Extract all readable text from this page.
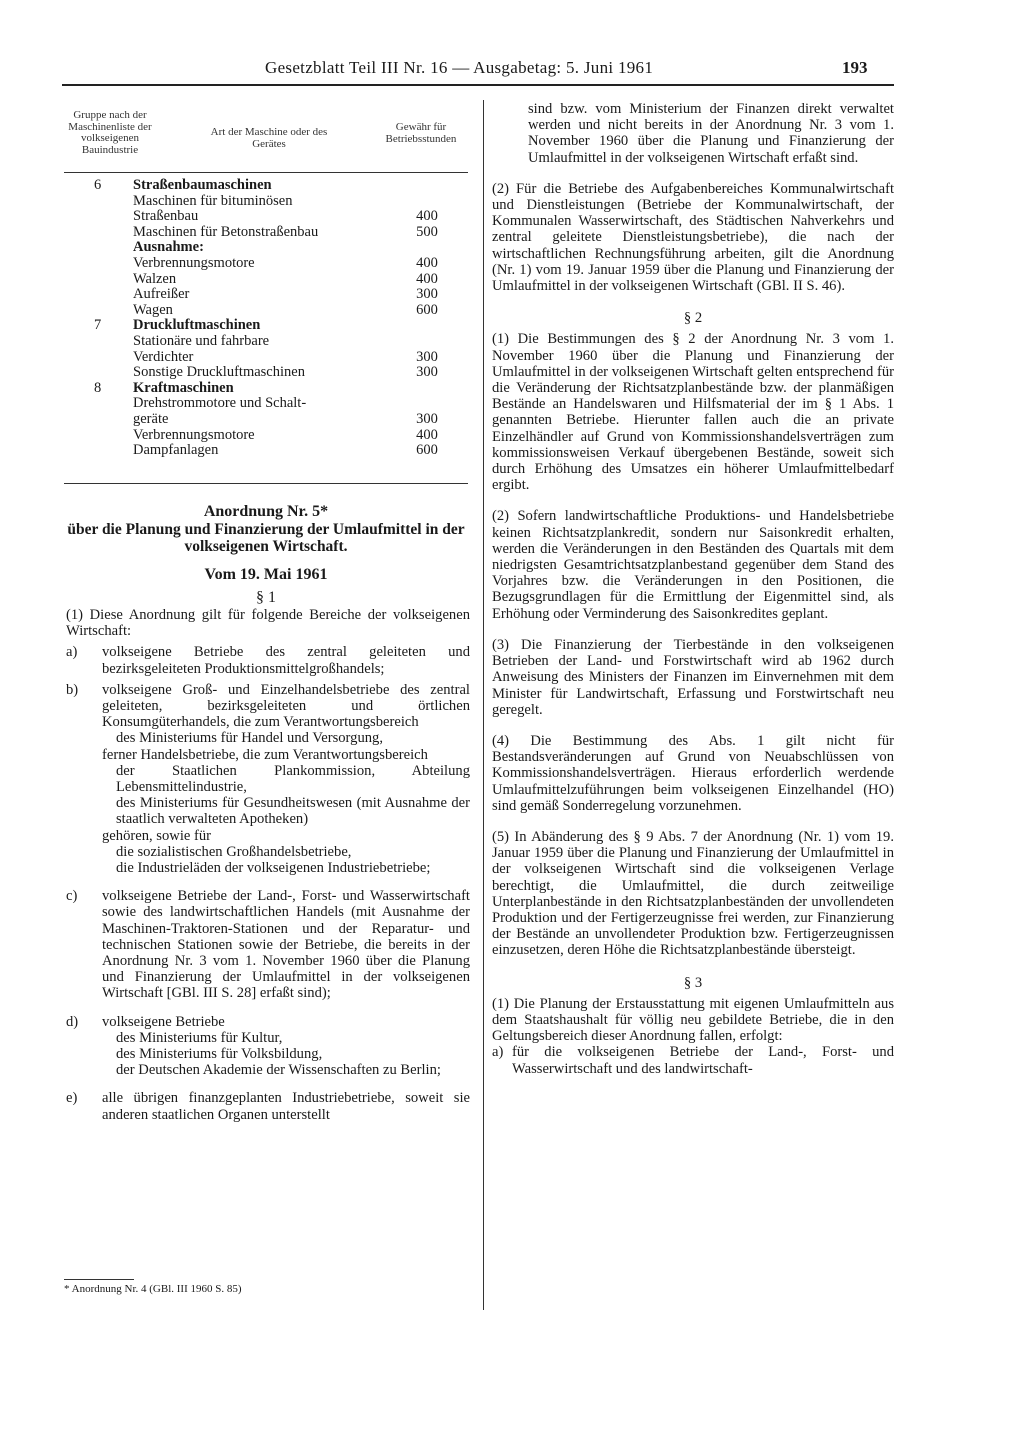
Gesetzblatt Teil III Nr. 16 — Ausgabetag: 5. Juni 1961	193
Gruppe nach der Maschinenliste der volkseigenen Bauindustrie
Art der Maschine oder des Gerätes
Gewähr für Betriebsstunden
6 Straßenbaumaschinen
Maschinen für bituminösen
Straßenbau	400
Maschinen für Betonstraßenbau	500
Ausnahme:
Verbrennungsmotore	400
Walzen	400
Aufreißer	300
Wagen	600
7 Druckluftmaschinen
Stationäre und fahrbare
Verdichter	300
Sonstige Druckluftmaschinen	300
8 Kraftmaschinen
Drehstrommotore und Schalt-
geräte	300
Verbrennungsmotore	400
Dampfanlagen	600
Anordnung Nr. 5*
über die Planung und Finanzierung der Umlaufmittel in der volkseigenen Wirtschaft.
Vom 19. Mai 1961
§ 1

(1) Diese Anordnung gilt für folgende Bereiche der volkseigenen Wirtschaft:

a) volkseigene Betriebe des zentral geleiteten und bezirksgeleiteten Produktionsmittelgroßhandels;
b) volkseigene Groß- und Einzelhandelsbetriebe des zentral geleiteten, bezirksgeleiteten und örtlichen Konsumgüterhandels, die zum Verantwortungsbereich
des Ministeriums für Handel und Versorgung,
ferner Handelsbetriebe, die zum Verantwortungsbereich
der Staatlichen Plankommission, Abteilung Lebensmittelindustrie,
des Ministeriums für Gesundheitswesen (mit Ausnahme der staatlich verwalteten Apotheken)
gehören, sowie für
die sozialistischen Großhandelsbetriebe,
die Industrieläden der volkseigenen Industriebetriebe;
c) volkseigene Betriebe der Land-, Forst- und Wasserwirtschaft sowie des landwirtschaftlichen Handels (mit Ausnahme der Maschinen-Traktoren-Stationen und der Reparatur- und technischen Stationen sowie der Betriebe, die bereits in der Anordnung Nr. 3 vom 1. November 1960 über die Planung und Finanzierung der Umlaufmittel in der volkseigenen Wirtschaft [GBl. III S. 28] erfaßt sind);
d) volkseigene Betriebe
des Ministeriums für Kultur,
des Ministeriums für Volksbildung,
der Deutschen Akademie der Wissenschaften zu Berlin;
e) alle übrigen finanzgeplanten Industriebetriebe, soweit sie anderen staatlichen Organen unterstellt
* Anordnung Nr. 4 (GBl. III 1960 S. 85)

sind bzw. vom Ministerium der Finanzen direkt verwaltet werden und nicht bereits in der Anordnung Nr. 3 vom 1. November 1960 über die Planung und Finanzierung der Umlaufmittel in der volkseigenen Wirtschaft erfaßt sind.

(2) Für die Betriebe des Aufgabenbereiches Kommunalwirtschaft und Dienstleistungen (Betriebe der Kommunalwirtschaft, der Kommunalen Wasserwirtschaft, des Städtischen Nahverkehrs und zentral geleitete Dienstleistungsbetriebe), die nach der wirtschaftlichen Rechnungsführung arbeiten, gilt die Anordnung (Nr. 1) vom 19. Januar 1959 über die Planung und Finanzierung der Umlaufmittel in der volkseigenen Wirtschaft (GBl. II S. 46).

§ 2

(1) Die Bestimmungen des § 2 der Anordnung Nr. 3 vom 1. November 1960 über die Planung und Finanzierung der Umlaufmittel in der volkseigenen Wirtschaft gelten entsprechend für die Veränderung der Richtsatzplanbestände bzw. der planmäßigen Bestände an Handelswaren und Hilfsmaterial der im § 1 Abs. 1 genannten Betriebe. Hierunter fallen auch die an private Einzelhändler auf Grund von Kommissionshandelsverträgen zum kommissionsweisen Verkauf übergebenen Bestände, soweit sich durch Erhöhung des Umsatzes ein höherer Umlaufmittelbedarf ergibt.

(2) Sofern landwirtschaftliche Produktions- und Handelsbetriebe keinen Richtsatzplankredit, sondern nur Saisonkredit erhalten, werden die Veränderungen in den Beständen des Quartals mit dem niedrigsten Gesamtrichtsatzplanbestand gegenüber dem Stand des Vorjahres bzw. die Veränderungen in den Positionen, die Bezugsgrundlagen für die Ermittlung der Eigenmittel sind, als Erhöhung oder Verminderung des Saisonkredites geplant.

(3) Die Finanzierung der Tierbestände in den volkseigenen Betrieben der Land- und Forstwirtschaft wird ab 1962 durch Anweisung des Ministers der Finanzen im Einvernehmen mit dem Minister für Landwirtschaft, Erfassung und Forstwirtschaft neu geregelt.

(4) Die Bestimmung des Abs. 1 gilt nicht für Bestandsveränderungen auf Grund von Neuabschlüssen von Kommissionshandelsverträgen. Hieraus erforderlich werdende Umlaufmittelzuführungen beim volkseigenen Einzelhandel (HO) sind gemäß Sonderregelung vorzunehmen.

(5) In Abänderung des § 9 Abs. 7 der Anordnung (Nr. 1) vom 19. Januar 1959 über die Planung und Finanzierung der Umlaufmittel in der volkseigenen Wirtschaft sind die volkseigenen Verlage berechtigt, die Umlaufmittel, die durch zeitweilige Unterplanbestände in den Richtsatzplanbeständen der unvollendeten Produktion und der Fertigerzeugnisse frei werden, zur Finanzierung der Bestände an unvollendeter Produktion bzw. Fertigerzeugnissen einzusetzen, deren Höhe die Richtsatzplanbestände übersteigt.

§ 3

(1) Die Planung der Erstausstattung mit eigenen Umlaufmitteln aus dem Staatshaushalt für völlig neu gebildete Betriebe, die in den Geltungsbereich dieser Anordnung fallen, erfolgt:

a) für die volkseigenen Betriebe der Land-, Forst- und Wasserwirtschaft und des landwirtschaft-
